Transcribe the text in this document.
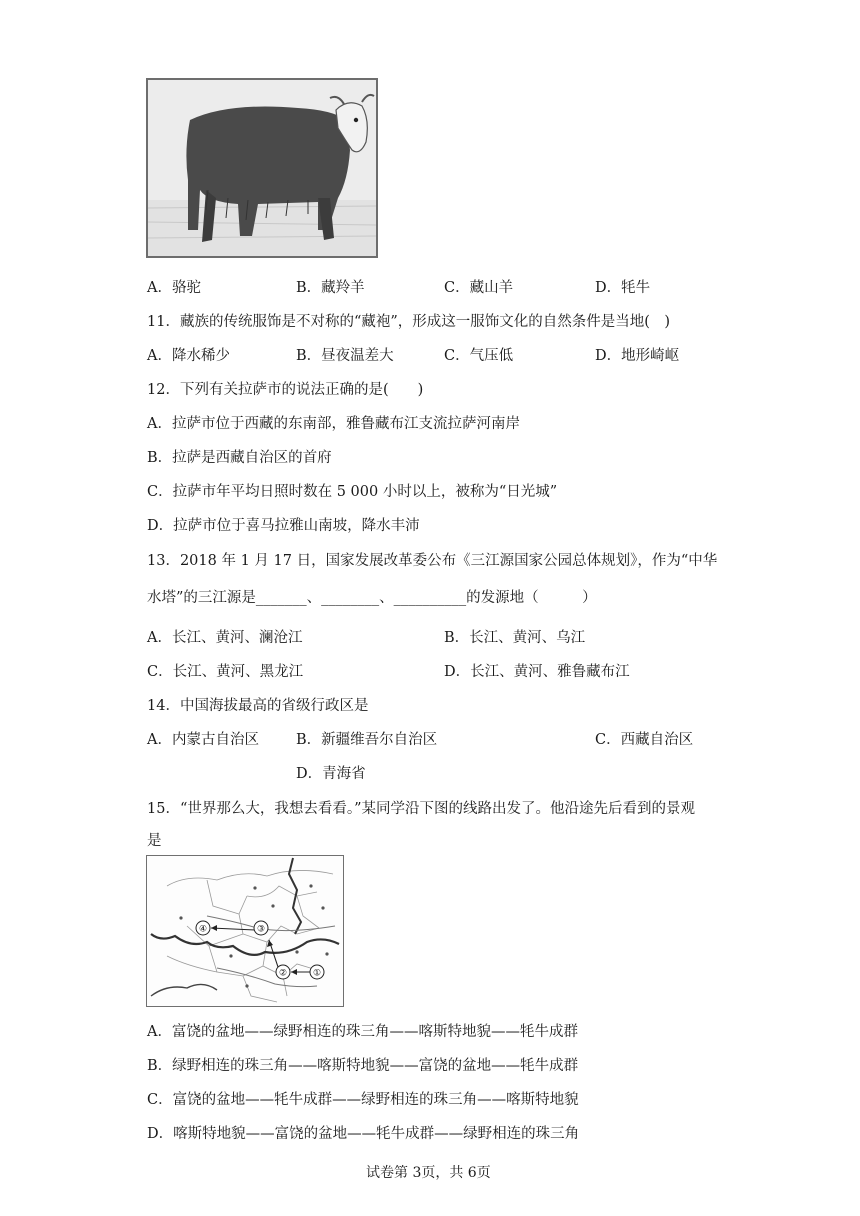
A．骆驼	B．藏羚羊	C．藏山羊	D．牦牛
11．藏族的传统服饰是不对称的“藏袍”，形成这一服饰文化的自然条件是当地(　)
A．降水稀少	B．昼夜温差大	C．气压低	D．地形崎岖
12．下列有关拉萨市的说法正确的是(　　)
A．拉萨市位于西藏的东南部，雅鲁藏布江支流拉萨河南岸
B．拉萨是西藏自治区的首府
C．拉萨市年平均日照时数在 5 000 小时以上，被称为“日光城”
D．拉萨市位于喜马拉雅山南坡，降水丰沛
13．2018 年 1 月 17 日，国家发展改革委公布《三江源国家公园总体规划》，作为“中华
水塔”的三江源是_______、________、__________的发源地（　　　）
A．长江、黄河、澜沧江	B．长江、黄河、乌江
C．长江、黄河、黑龙江	D．长江、黄河、雅鲁藏布江
14．中国海拔最高的省级行政区是
A．内蒙古自治区	B．新疆维吾尔自治区	C．西藏自治区
D．青海省
15．“世界那么大，我想去看看。”某同学沿下图的线路出发了。他沿途先后看到的景观
是
④	③
②	①
A．富饶的盆地——绿野相连的珠三角——喀斯特地貌——牦牛成群
B．绿野相连的珠三角——喀斯特地貌——富饶的盆地——牦牛成群
C．富饶的盆地——牦牛成群——绿野相连的珠三角——喀斯特地貌
D．喀斯特地貌——富饶的盆地——牦牛成群——绿野相连的珠三角
试卷第 3页，共 6页
